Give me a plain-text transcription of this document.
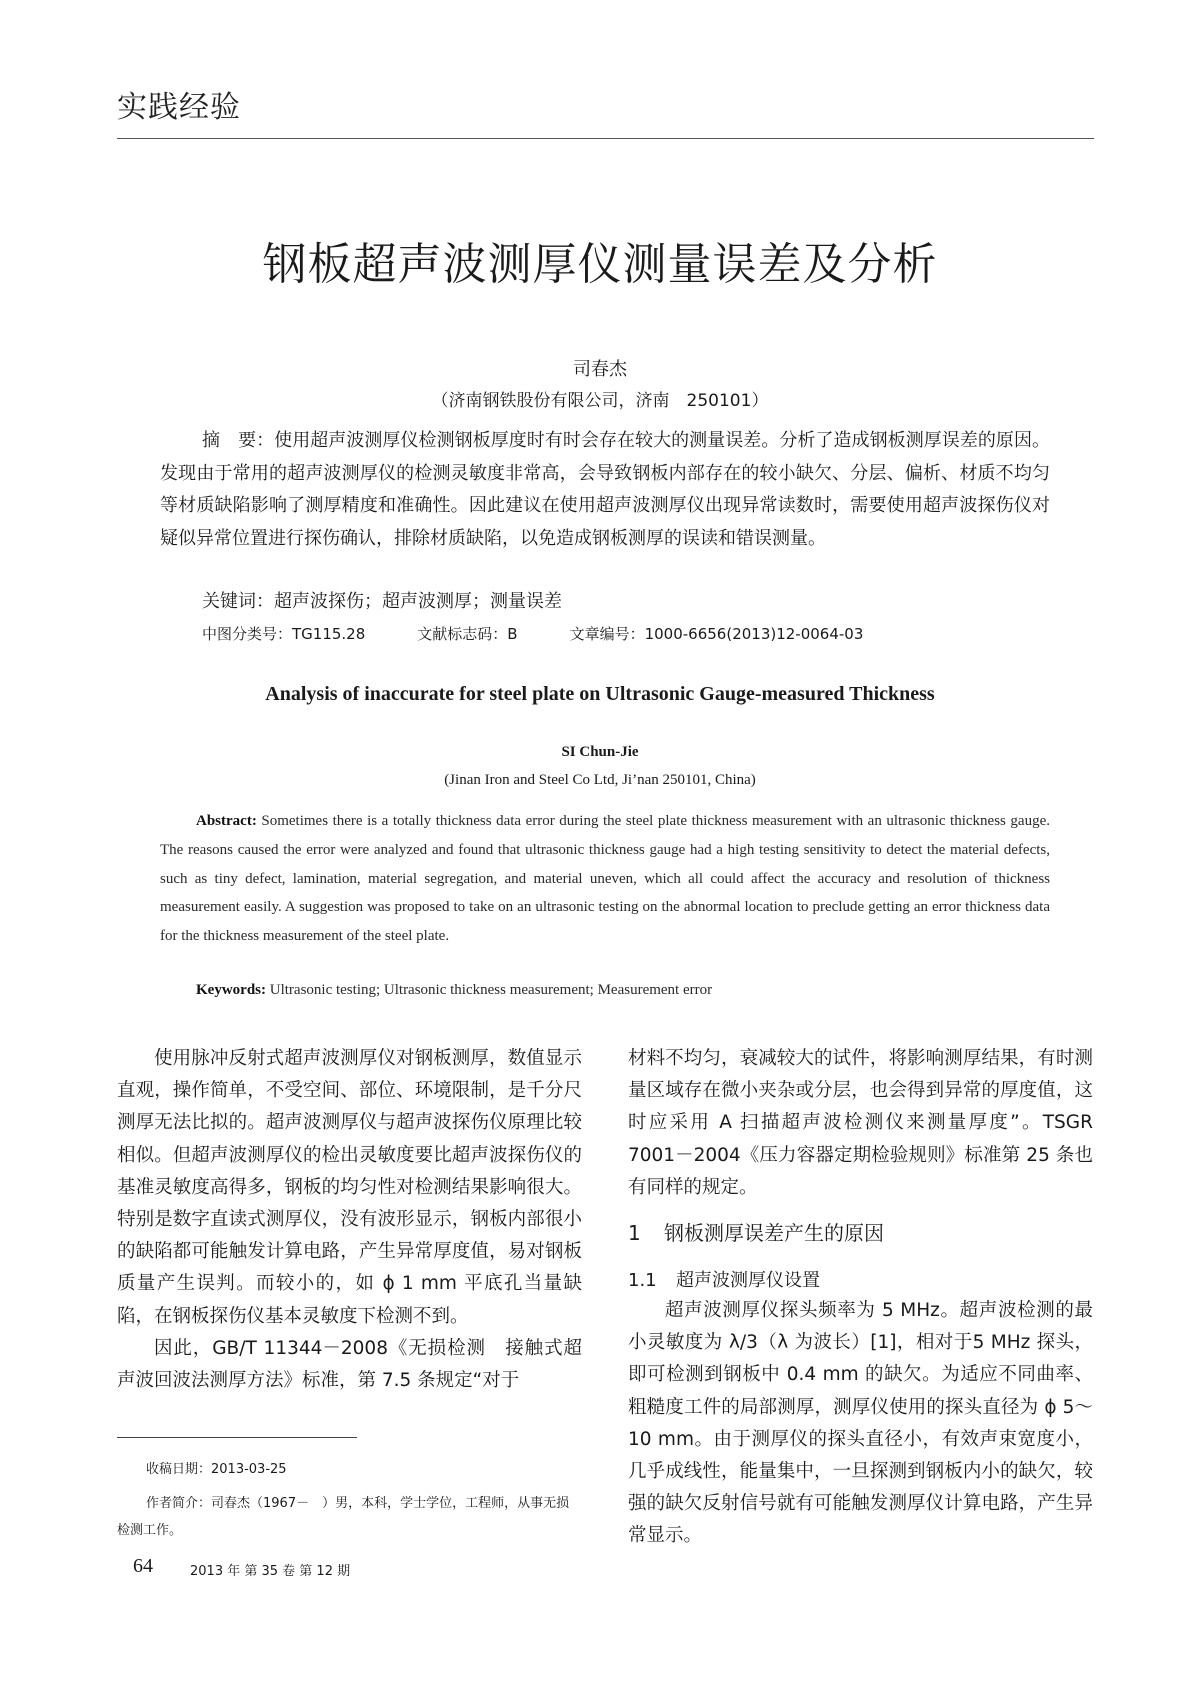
实践经验
钢板超声波测厚仪测量误差及分析
司春杰
（济南钢铁股份有限公司，济南　250101）
摘　要：使用超声波测厚仪检测钢板厚度时有时会存在较大的测量误差。分析了造成钢板测厚误差的原因。发现由于常用的超声波测厚仪的检测灵敏度非常高，会导致钢板内部存在的较小缺欠、分层、偏析、材质不均匀等材质缺陷影响了测厚精度和准确性。因此建议在使用超声波测厚仪出现异常读数时，需要使用超声波探伤仪对疑似异常位置进行探伤确认，排除材质缺陷，以免造成钢板测厚的误读和错误测量。
关键词：超声波探伤；超声波测厚；测量误差
中图分类号：TG115.28	文献标志码：B	文章编号：1000-6656(2013)12-0064-03
Analysis of inaccurate for steel plate on Ultrasonic Gauge-measured Thickness
SI Chun-Jie
(Jinan Iron and Steel Co Ltd, Ji’nan 250101, China)
Abstract: Sometimes there is a totally thickness data error during the steel plate thickness measurement with an ultrasonic thickness gauge. The reasons caused the error were analyzed and found that ultrasonic thickness gauge had a high testing sensitivity to detect the material defects, such as tiny defect, lamination, material segregation, and material uneven, which all could affect the accuracy and resolution of thickness measurement easily. A suggestion was proposed to take on an ultrasonic testing on the abnormal location to preclude getting an error thickness data for the thickness measurement of the steel plate.
Keywords: Ultrasonic testing; Ultrasonic thickness measurement; Measurement error

使用脉冲反射式超声波测厚仪对钢板测厚，数值显示直观，操作简单，不受空间、部位、环境限制，是千分尺测厚无法比拟的。超声波测厚仪与超声波探伤仪原理比较相似。但超声波测厚仪的检出灵敏度要比超声波探伤仪的基准灵敏度高得多，钢板的均匀性对检测结果影响很大。特别是数字直读式测厚仪，没有波形显示，钢板内部很小的缺陷都可能触发计算电路，产生异常厚度值，易对钢板质量产生误判。而较小的，如 ϕ 1 mm 平底孔当量缺陷，在钢板探伤仪基本灵敏度下检测不到。

因此，GB/T 11344－2008《无损检测　接触式超声波回波法测厚方法》标准，第 7.5 条规定“对于

材料不均匀，衰减较大的试件，将影响测厚结果，有时测量区域存在微小夹杂或分层，也会得到异常的厚度值，这时应采用 A 扫描超声波检测仪来测量厚度”。TSGR 7001－2004《压力容器定期检验规则》标准第 25 条也有同样的规定。

1 钢板测厚误差产生的原因
1.1 超声波测厚仪设置

超声波测厚仪探头频率为 5 MHz。超声波检测的最小灵敏度为 λ/3（λ 为波长）[1]，相对于5 MHz 探头，即可检测到钢板中 0.4 mm 的缺欠。为适应不同曲率、粗糙度工件的局部测厚，测厚仪使用的探头直径为 ϕ 5～10 mm。由于测厚仪的探头直径小，有效声束宽度小，几乎成线性，能量集中，一旦探测到钢板内小的缺欠，较强的缺欠反射信号就有可能触发测厚仪计算电路，产生异常显示。

收稿日期：2013-03-25
作者简介：司春杰（1967－　）男，本科，学士学位，工程师，从事无损检测工作。
64	2013 年 第 35 卷 第 12 期
